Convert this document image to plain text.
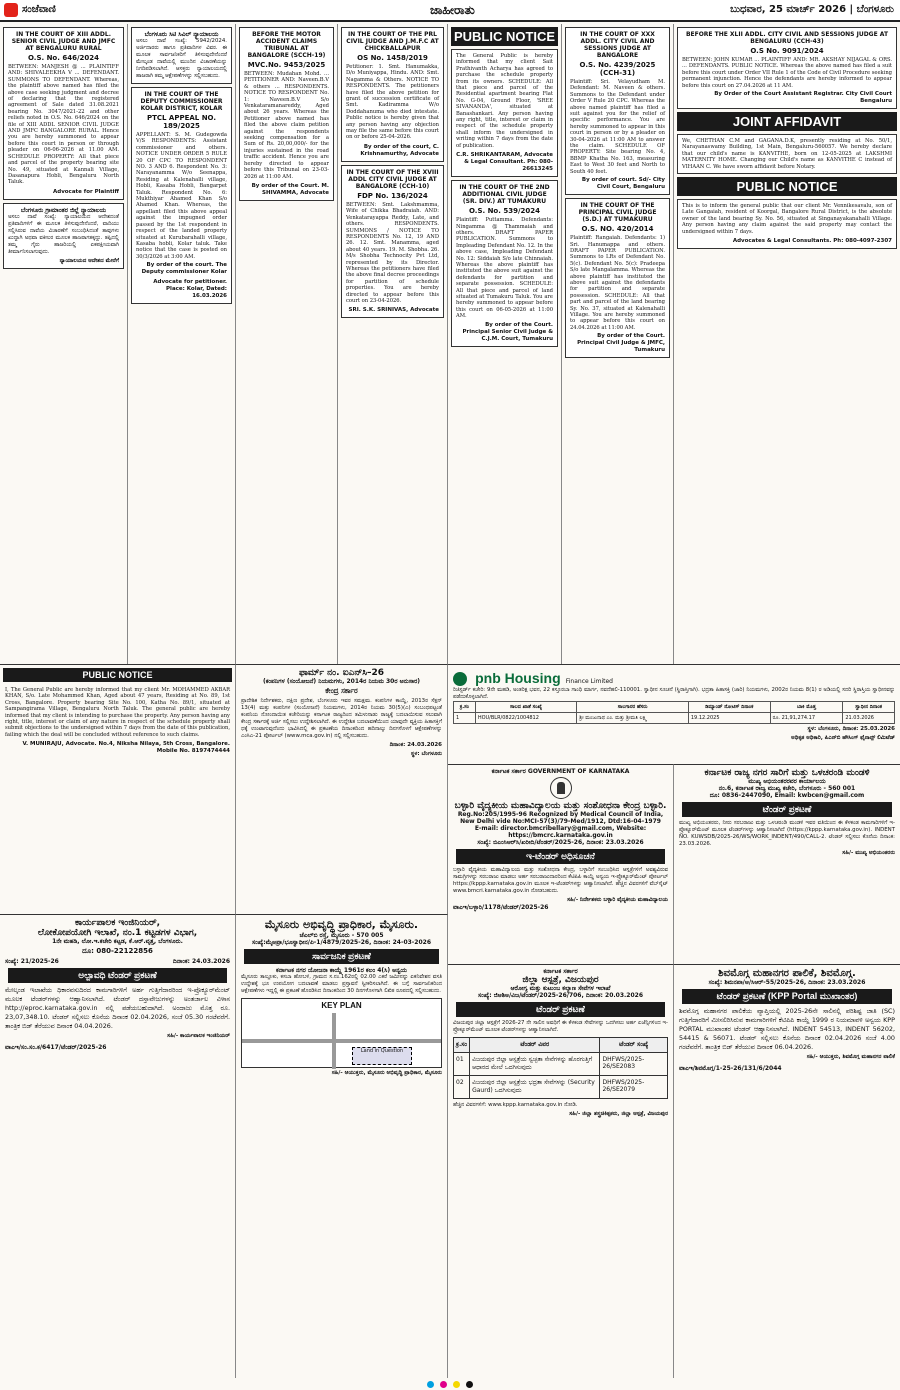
ಸಂಜೆವಾಣಿ	ಜಾಹೀರಾತು	ಬುಧವಾರ, 25 ಮಾರ್ಚ್ 2026 | ಬೆಂಗಳೂರು
IN THE COURT OF XIII ADDL. SENIOR CIVIL JUDGE AND JMFC AT BENGALURU RURAL
O.S. No. 646/2024
BETWEEN: MANJESH @ ... PLAINTIFF AND: SHIVALEEKHA V ... DEFENDANT. SUMMONS TO DEFENDANT. Whereas, the plaintiff above named has filed the above case seeking judgment and decree of declaring that the registered agreement of Sale dated 31.08.2021 bearing No. 3047/2021-22 and other reliefs noted in O.S. No. 646/2024 on the file of XIII ADDL SENIOR CIVIL JUDGE AND JMFC BANGALORE RURAL. Hence you are hereby summoned to appear before this court in person or through pleader on 06-06-2026 at 11.00 AM. SCHEDULE PROPERTY: All that piece and parcel of the property bearing site No. 49, situated at Kannali Village, Dasanapura Hobli, Bengaluru North Taluk.
Advocate for Plaintiff
ಬೆಂಗಳೂರು ಗ್ರಾಮಾಂತರ ಜಿಲ್ಲೆ ನ್ಯಾಯಾಲಯ
ಅಸಲು ದಾವೆ ಸಂಖ್ಯೆ: ನ್ಯಾಯಾಲಯದ ಆದೇಶದಂತೆ ಪ್ರತಿವಾದಿಗಳಿಗೆ ಈ ಮೂಲಕ ತಿಳಿಸುವುದೇನೆಂದರೆ, ವಾದಿಯು ಸಲ್ಲಿಸಿರುವ ದಾವೆಯ ವಿಚಾರಣೆಗೆ ಸಂಬಂಧಿಸಿದಂತೆ ತಾವುಗಳು ಖುದ್ದಾಗಿ ಅಥವಾ ವಕೀಲರ ಮೂಲಕ ಹಾಜರಾಗತಕ್ಕದ್ದು. ತಪ್ಪಿದಲ್ಲಿ ತಮ್ಮ ಗೈರು ಹಾಜರಿಯಲ್ಲಿ ಏಕಪಕ್ಷೀಯವಾಗಿ ತೀರ್ಮಾನಿಸಲಾಗುವುದು.
ನ್ಯಾಯಾಲಯದ ಆದೇಶದ ಮೇರೆಗೆ
ಬೆಂಗಳೂರು ಸಿಟಿ ಸಿವಿಲ್ ನ್ಯಾಯಾಲಯ
ಅಸಲು ದಾವೆ ಸಂಖ್ಯೆ: 5942/2024. ಅರ್ಜಿದಾರರು ಹಾಗೂ ಪ್ರತಿವಾದಿಗಳ ವಿವರ. ಈ ಮೂಲಕ ಸಾರ್ವಜನಿಕರಿಗೆ ತಿಳಿಸುವುದೇನೆಂದರೆ ಮೇಲ್ಕಂಡ ದಾವೆಯಲ್ಲಿ ಮುಂದಿನ ವಿಚಾರಣೆಯನ್ನು ನಿಗದಿಪಡಿಸಲಾಗಿದೆ. ಆಸಕ್ತರು ನ್ಯಾಯಾಲಯದಲ್ಲಿ ಹಾಜರಾಗಿ ತಮ್ಮ ಆಕ್ಷೇಪಣೆಗಳನ್ನು ಸಲ್ಲಿಸಬಹುದು.
IN THE COURT OF THE DEPUTY COMMISSIONER KOLAR DISTRICT, KOLAR
PTCL APPEAL NO. 189/2025
APPELLANT: S. M. Gudegowda V/S RESPONDENTS: Assistant commissioner and others. NOTICE UNDER ORDER 5 RULE 20 OF CPC TO RESPONDENT NO. 3 AND 6. Respondent No. 3: Narayanamma W/o Seenappa, Residing at Kalenahalli village, Hobli, Kasaba Hobli, Bangarpet Taluk. Respondent No. 6: Mukthiyar Ahamed Khan S/o Ahamed Khan. Whereas, the appellant filed this above appeal against the impugned order passed by the 1st respondent in respect of the landed property situated at Kurubarahalli village, Kasaba hobli, Kolar taluk. Take notice that the case is posted on 30/3/2026 at 3:00 AM.
By order of the court. The Deputy commissioner Kolar
Advocate for petitioner. Place: Kolar, Dated: 16.03.2026
BEFORE THE MOTOR ACCIDENT CLAIMS TRIBUNAL AT BANGALORE (SCCH-19)
MVC.No. 9453/2025
BETWEEN: Mudahan Mohd. ... PETITIONER AND: Naveen.B.V & others ... RESPONDENTS. NOTICE TO RESPONDENT No. 1: Naveen.B.V S/o Venkataramanareddy, Aged about 26 years. Whereas the Petitioner above named has filed the above claim petition against the respondents seeking compensation for a Sum of Rs. 20,00,000/- for the injuries sustained in the road traffic accident. Hence you are hereby directed to appear before this Tribunal on 23-03-2026 at 11:00 AM.
By order of the Court. M. SHIVAMMA, Advocate
IN THE COURT OF THE PRL CIVIL JUDGE AND J.M.F.C AT CHICKBALLAPUR
OS No. 1458/2019
Petitioner: 1. Smt. Hanumakka, D/o Muniyappa, Hindu. AND: Smt. Nagamma & Others. NOTICE TO RESPONDENTS. The petitioners have filed the above petition for grant of succession certificate of Smt. Kadiramma W/o Doddahanuma who died intestate. Public notice is hereby given that any person having any objection may file the same before this court on or before 25-04-2026.
By order of the court, C. Krishnamurthy, Advocate
IN THE COURT OF THE XVIII ADDL CITY CIVIL JUDGE AT BANGALORE (CCH-10)
FDP No. 136/2024
BETWEEN: Smt. Lakshmamma, Wife of Chikka Bhadraiah. AND: Venkatarayappa Reddy, Late, and others. RESPONDENTS. SUMMONS / NOTICE TO RESPONDENTS No. 12, 19 AND 26. 12. Smt. Manamma, aged about 40 years. 19. M. Shobha. 26. M/s Shobha Technocity Pvt Ltd, represented by its Director. Whereas the petitioners have filed the above final decree proceedings for partition of schedule properties. You are hereby directed to appear before this court on 23-04-2026.
SRI. S.K. SRINIVAS, Advocate
PUBLIC NOTICE
The General Public is hereby informed that my client Sait Prathivanth Acharya has agreed to purchase the schedule property from its owners. SCHEDULE: All that piece and parcel of the Residential apartment bearing Flat No. G-04, Ground Floor, 'SREE SIVANANDA', situated at Banashankari. Any person having any right, title, interest or claim in respect of the schedule property shall inform the undersigned in writing within 7 days from the date of publication.
C.R. SHRIKANTARAM, Advocate & Legal Consultant. Ph: 080-26613245
IN THE COURT OF THE 2ND ADDITIONAL CIVIL JUDGE (SR. DIV.) AT TUMAKURU
O.S. No. 539/2024
Plaintiff: Puttamma. Defendants: Ningamma @ Thammaiah and others. DRAFT PAPER PUBLICATION. Summons to Impleading Defendant No. 12. In the above case, Impleading Defendant No. 12: Siddaiah S/o late Chinnaiah. Whereas the above plaintiff has instituted the above suit against the defendants for partition and separate possession. SCHEDULE: All that piece and parcel of land situated at Tumakuru Taluk. You are hereby summoned to appear before this court on 06-05-2026 at 11:00 AM.
By order of the Court. Principal Senior Civil Judge & C.J.M. Court, Tumakuru
IN THE COURT OF XXX ADDL. CITY CIVIL AND SESSIONS JUDGE AT BANGALORE
O.S. No. 4239/2025 (CCH-31)
Plaintiff: Sri. Velayudham M. Defendant: M. Naveen & others. Summons to the Defendant under Order V Rule 20 CPC. Whereas the above named plaintiff has filed a suit against you for the relief of specific performance. You are hereby summoned to appear in this court in person or by a pleader on 30-04-2026 at 11:00 AM to answer the claim. SCHEDULE OF PROPERTY: Site bearing No. 4, BBMP Khatha No. 163, measuring East to West 30 feet and North to South 40 feet.
By order of court. Sd/- City Civil Court, Bengaluru
IN THE COURT OF THE PRINCIPAL CIVIL JUDGE (S.D.) AT TUMAKURU
O.S. NO. 420/2014
Plaintiff: Rangaiah. Defendants: 1) Sri. Hanumappa and others. DRAFT PAPER PUBLICATION. Summons to LRs of Defendant No. 5(c). Defendant No. 5(c): Pradeepa S/o late Mangalamma. Whereas the above plaintiff has instituted the above suit against the defendants for partition and separate possession. SCHEDULE: All that part and parcel of the land bearing Sy. No. 37, situated at Kalenahalli Village. You are hereby summoned to appear before this court on 24.04.2026 at 11:00 AM.
By order of the Court. Principal Civil Judge & JMFC, Tumakuru
BEFORE THE XLII ADDL. CITY CIVIL AND SESSIONS JUDGE AT BENGALURU (CCH-43)
O.S No. 9091/2024
BETWEEN: JOHN KUMAR ... PLAINTIFF AND: MR. AKSHAY NIJAGAL & ORS. ... DEFENDANTS. PUBLIC NOTICE. Whereas the above named has filed a suit before this court under Order VII Rule 1 of the Code of Civil Procedure seeking permanent injunction. Hence the defendants are hereby informed to appear before this court on 27.04.2026 at 11 AM.
By Order of the Court Assistant Registrar. City Civil Court Bengaluru
JOINT AFFIDAVIT
We, CHETHAN C.M and GAGANA.D.K, presently residing at No. 50/1, Narayanaswamy Building, 1st Main, Bengaluru-560057. We hereby declare that our child's name is KANVITHE, born on 12-05-2025 at LAKSHMI MATERNITY HOME. Changing our Child's name as KANVITHE C instead of VIHAAN C. We have sworn affidavit before Notary.
PUBLIC NOTICE
This is to inform the general public that our client Mr. Vennikesavalu, son of Late Gangaiah, resident of Koorgal, Bangalore Rural District, is the absolute owner of the land bearing Sy. No. 56, situated at Singanayakanahalli Village. Any person having any claim against the said property may contact the undersigned within 7 days.
Advocates & Legal Consultants. Ph: 080-4097-2307
pnb Housing Finance Limited
ರಿಜಿಸ್ಟರ್ಡ್ ಕಚೇರಿ: 9ನೇ ಮಹಡಿ, ಅಂತರಿಕ್ಷ ಭವನ, 22 ಕಸ್ತೂರಬಾ ಗಾಂಧಿ ಮಾರ್ಗ, ನವದೆಹಲಿ-110001. ಸ್ವಾಧೀನ ಸೂಚನೆ (ಸ್ಥಿರಾಸ್ತಿಗಾಗಿ). ಭದ್ರತಾ ಹಿತಾಸಕ್ತಿ (ಜಾರಿ) ನಿಯಮಗಳು, 2002ರ ನಿಯಮ 8(1) ರ ಅಡಿಯಲ್ಲಿ ಸದರಿ ಸ್ಥಿರಾಸ್ತಿಯ ಸ್ವಾಧೀನವನ್ನು ಪಡೆದುಕೊಳ್ಳಲಾಗಿದೆ.
ಕ್ರ.ಸಂ	ಸಾಲದ ಖಾತೆ ಸಂಖ್ಯೆ	ಸಾಲಗಾರರ ಹೆಸರು	ಡಿಮ್ಯಾಂಡ್ ನೋಟಿಸ್ ದಿನಾಂಕ	ಬಾಕಿ ಮೊತ್ತ	ಸ್ವಾಧೀನ ದಿನಾಂಕ
1	HOU/BLR/0822/1004812	ಶ್ರೀ ಮಂಜುನಾಥ ಎಂ. ಮತ್ತು ಶ್ರೀಮತಿ ಲಕ್ಷ್ಮಿ	19.12.2025	ರೂ. 21,91,274.17	21.03.2026
ಸ್ಥಳ: ಬೆಂಗಳೂರು, ದಿನಾಂಕ: 25.03.2026
ಅಧಿಕೃತ ಅಧಿಕಾರಿ, ಪಿಎನ್‌ಬಿ ಹೌಸಿಂಗ್ ಫೈನಾನ್ಸ್ ಲಿಮಿಟೆಡ್
PUBLIC NOTICE
I, The General Public are hereby informed that my client Mr. MOHAMMED AKBAR KHAN, S/o. Late Mohammed Khan, Aged about 47 years, Residing at No. 89, 1st Cross, Bangalore. Property bearing Site No. 100, Katha No. 89/1, situated at Sampangirama Village, Bengaluru North Taluk. The general public are hereby informed that my client is intending to purchase the property. Any person having any right, title, interest or claim of any nature in respect of the schedule property shall submit objections to the undersigned within 7 days from the date of this publication, failing which the deal will be concluded without reference to such claims.
V. MUNIRAJU, Advocate. No.4, Niksha Nilaya, 5th Cross, Bangalore. Mobile No. 8197474444
ಫಾರ್ಮ್ ನಂ. ಐಎನ್‌ಸಿ–26
(ಕಂಪನಿಗಳ (ಸಂಯೋಜನೆ) ನಿಯಮಗಳು, 2014ರ ನಿಯಮ 30ರ ಅನುಸಾರ)
ಕೇಂದ್ರ ಸರ್ಕಾರ
ಪ್ರಾದೇಶಿಕ ನಿರ್ದೇಶಕರು, ದಕ್ಷಿಣ ಪ್ರದೇಶ, ಬೆಂಗಳೂರು ಇವರ ಸಮಕ್ಷಮ. ಕಂಪನಿಗಳ ಕಾಯ್ದೆ, 2013ರ ಸೆಕ್ಷನ್ 13(4) ಮತ್ತು ಕಂಪನಿಗಳ (ಸಂಯೋಜನೆ) ನಿಯಮಗಳು, 2014ರ ನಿಯಮ 30(5)(ಎ) ಸಂಬಂಧಪಟ್ಟಂತೆ ಕಂಪನಿಯ ನೋಂದಾಯಿತ ಕಚೇರಿಯನ್ನು ಕರ್ನಾಟಕ ರಾಜ್ಯದಿಂದ ತಮಿಳುನಾಡು ರಾಜ್ಯಕ್ಕೆ ಬದಲಾಯಿಸುವ ಸಲುವಾಗಿ ಕೇಂದ್ರ ಸರ್ಕಾರಕ್ಕೆ ಅರ್ಜಿ ಸಲ್ಲಿಸಲು ಉದ್ದೇಶಿಸಲಾಗಿದೆ. ಈ ಉದ್ದೇಶಿತ ಬದಲಾವಣೆಯಿಂದ ಯಾವುದೇ ವ್ಯಕ್ತಿಯ ಹಿತಾಸಕ್ತಿಗೆ ಧಕ್ಕೆ ಉಂಟಾಗುವುದೆಂದು ಭಾವಿಸಿದಲ್ಲಿ ಈ ಪ್ರಕಟಣೆಯ ದಿನಾಂಕದಿಂದ ಹದಿನಾಲ್ಕು ದಿನಗಳೊಳಗೆ ಆಕ್ಷೇಪಣೆಗಳನ್ನು ಎಂಸಿಎ-21 ಪೋರ್ಟಲ್ (www.mca.gov.in) ನಲ್ಲಿ ಸಲ್ಲಿಸಬಹುದು.
ದಿನಾಂಕ: 24.03.2026
ಸ್ಥಳ: ಬೆಂಗಳೂರು
ಕರ್ನಾಟಕ ಸರ್ಕಾರ GOVERNMENT OF KARNATAKA
ಬಳ್ಳಾರಿ ವೈದ್ಯಕೀಯ ಮಹಾವಿದ್ಯಾಲಯ ಮತ್ತು ಸಂಶೋಧನಾ ಕೇಂದ್ರ ಬಳ್ಳಾರಿ.
Reg.No:205/1995-96 Recognized by Medical Council of India, New Delhi vide No:MCI-57(3)/79-Med/1912, Dtd:16-04-1979
E-mail: director.bmcribellary@gmail.com, Website: https://bmcrc.karnataka.gov.in
ಸಂಖ್ಯೆ: ಬಿಎಂಸಿಆರ್‌ಸಿ/ಖರೀದಿ/ಟೆಂಡರ್/2025-26, ದಿನಾಂಕ: 23.03.2026
ಇ-ಟೆಂಡರ್ ಅಧಿಸೂಚನೆ
ಬಳ್ಳಾರಿ ವೈದ್ಯಕೀಯ ಮಹಾವಿದ್ಯಾಲಯ ಮತ್ತು ಸಂಶೋಧನಾ ಕೇಂದ್ರ, ಬಳ್ಳಾರಿಗೆ ಸಂಬಂಧಿಸಿದ ಆಸ್ಪತ್ರೆಗಳಿಗೆ ಅವಶ್ಯವಿರುವ ಸಾಮಗ್ರಿಗಳನ್ನು ಸರಬರಾಜು ಮಾಡಲು ಅರ್ಹ ಸರಬರಾಜುದಾರರಿಂದ ಕೆಟಿಪಿಪಿ ಕಾಯ್ದೆ ಅನ್ವಯ ಇ-ಪ್ರೊಕ್ಯೂರ್‌ಮೆಂಟ್ ಪೋರ್ಟಲ್ https://kppp.karnataka.gov.in ಮೂಲಕ ಇ-ಟೆಂಡರ್‌ಗಳನ್ನು ಆಹ್ವಾನಿಸಲಾಗಿದೆ. ಹೆಚ್ಚಿನ ವಿವರಗಳಿಗೆ ವೆಬ್‌ಸೈಟ್ www.bmcri.karnataka.gov.in ನೋಡಬಹುದು.
ಸಹಿ/- ನಿರ್ದೇಶಕರು ಬಳ್ಳಾರಿ ವೈದ್ಯಕೀಯ ಮಹಾವಿದ್ಯಾಲಯ
ವಾಎಇ/ಬಳ್ಳಾರಿ/1178/ಟೆಂಡರ್/2025-26
ಕರ್ನಾಟಕ ರಾಜ್ಯ ನಗರ ಸಾರಿಗೆ ಮತ್ತು ಒಳಚರಂಡಿ ಮಂಡಳಿ
ಮುಖ್ಯ ಅಭಿಯಂತರರವರ ಕಾರ್ಯಾಲಯ
ನಂ.6, ಕರ್ನಾಟಕ ರಾಜ್ಯ ಮುಖ್ಯ ಕಚೇರಿ, ಬೆಂಗಳೂರು - 560 001
ದೂ: 0836-2447090, Email: kwbcen@gmail.com
ಟೆಂಡರ್ ಪ್ರಕಟಣೆ
ಮುಖ್ಯ ಅಭಿಯಂತರರು, ನೀರು ಸರಬರಾಜು ಮತ್ತು ಒಳಚರಂಡಿ ಮಂಡಳಿ ಇವರ ವತಿಯಿಂದ ಈ ಕೆಳಕಂಡ ಕಾಮಗಾರಿಗಳಿಗೆ ಇ-ಪ್ರೊಕ್ಯೂರ್‌ಮೆಂಟ್ ಮೂಲಕ ಟೆಂಡರ್‌ಗಳನ್ನು ಆಹ್ವಾನಿಸಲಾಗಿದೆ (https://kppp.karnataka.gov.in). INDENT NO. KUWSDB/2025-26/WS/WORK_INDENT/490/CALL-2. ಟೆಂಡರ್ ಸಲ್ಲಿಸಲು ಕೊನೆಯ ದಿನಾಂಕ: 23.03.2026.
ಸಹಿ/- ಮುಖ್ಯ ಅಭಿಯಂತರರು
ಕಾರ್ಯಪಾಲಕ ಇಂಜಿನಿಯರ್,
ಲೋಕೋಪಯೋಗಿ ಇಲಾಖೆ, ನಂ.1 ಕಟ್ಟಡಗಳ ವಿಭಾಗ,
1ನೇ ಮಹಡಿ, ಲೋ.ಇ.ಕಚೇರಿ ಕಟ್ಟಡ, ಕೆ.ಆರ್.ವೃತ್ತ, ಬೆಂಗಳೂರು.
ದೂ: 080-22122856
ಸಂಖ್ಯೆ: 21/2025-26	ದಿನಾಂಕ: 24.03.2026
ಅಲ್ಪಾವಧಿ ಟೆಂಡರ್ ಪ್ರಕಟಣೆ
ಮೇಲ್ಕಂಡ ಇಲಾಖೆಯ ಧಿಕಾರವಸುದಿರದ ಕಾಮಗಾರಿಗಳಿಗೆ ಅರ್ಹ ಗುತ್ತಿಗೆದಾರರಿಂದ ಇ-ಪ್ರೊಕ್ಯೂರ್‌ಮೆಂಟ್ ಮೂಲಕ ಟೆಂಡರ್‌ಗಳನ್ನು ಆಹ್ವಾನಿಸಲಾಗಿದೆ. ಟೆಂಡರ್ ದಸ್ತಾವೇಜುಗಳನ್ನು ಅಂತರ್ಜಾಲ ವಿಳಾಸ http://eproc.karnataka.gov.in ನಲ್ಲಿ ಪಡೆಯಬಹುದಾಗಿದೆ. ಅಂದಾಜು ಮೊತ್ತ ರೂ. 23,07,348.10. ಟೆಂಡರ್ ಸಲ್ಲಿಸಲು ಕೊನೆಯ ದಿನಾಂಕ 02.04.2026, ಸಂಜೆ 05.30 ಗಂಟೆವರೆಗೆ. ತಾಂತ್ರಿಕ ಬಿಡ್ ತೆರೆಯುವ ದಿನಾಂಕ 04.04.2026.
ಸಹಿ/- ಕಾರ್ಯಪಾಲಕ ಇಂಜಿನಿಯರ್
ವಾಎಇ/ಸಂ.ಸಂ.ಕ/6417/ಟೆಂಡರ್‌/2025-26
ಮೈಸೂರು ಅಭಿವೃದ್ಧಿ ಪ್ರಾಧಿಕಾರ, ಮೈಸೂರು.
ಜೆಎಲ್‌ಬಿ ರಸ್ತೆ, ಮೈಸೂರು - 570 005
ಸಂಖ್ಯೆ:ಮೈಅಪ್ರಾ/ಭೂಸ್ವಾಧೀನ/ಪಿ-1/4879/2025-26, ದಿನಾಂಕ: 24-03-2026
ಸಾರ್ವಜನಿಕ ಪ್ರಕಟಣೆ
ಕರ್ನಾಟಕ ನಗರ ಯೋಜನಾ ಕಾಯ್ದೆ 1961ರ ಕಲಂ 4(ಸಿ) ಅನ್ವಯ
ಮೈಸೂರು ತಾಲ್ಲೂಕು, ಕಸಬಾ ಹೋಬಳಿ, ಗ್ರಾಮದ ಸ.ನಂ.162ರಲ್ಲಿ 02.00 ಎಕರೆ ಜಮೀನನ್ನು ಏಕನಿವೇಶನ ವಸತಿ ಉದ್ದೇಶಕ್ಕೆ ಭೂ ಉಪಯೋಗ ಬದಲಾವಣೆ ಮಾಡಲು ಪ್ರಸ್ತಾವನೆ ಸ್ವೀಕರಿಸಲಾಗಿದೆ. ಈ ಬಗ್ಗೆ ಸಾರ್ವಜನಿಕರಿಂದ ಆಕ್ಷೇಪಣೆಗಳು ಇದ್ದಲ್ಲಿ ಈ ಪ್ರಕಟಣೆ ಹೊರಡಿಸಿದ ದಿನಾಂಕದಿಂದ 30 ದಿನಗಳೊಳಗಾಗಿ ಲಿಖಿತ ರೂಪದಲ್ಲಿ ಸಲ್ಲಿಸಬಹುದು.
KEY PLAN
Land in Question
ಸಹಿ/- ಆಯುಕ್ತರು, ಮೈಸೂರು ಅಭಿವೃದ್ಧಿ ಪ್ರಾಧಿಕಾರ, ಮೈಸೂರು
ಕರ್ನಾಟಕ ಸರ್ಕಾರ
ಜಿಲ್ಲಾ ಆಸ್ಪತ್ರೆ, ವಿಜಯಪುರ
ಆರೋಗ್ಯ ಮತ್ತು ಕುಟುಂಬ ಕಲ್ಯಾಣ ಸೇವೆಗಳ ಇಲಾಖೆ
ಸಂಖ್ಯೆ: ಜಿಆಶಿಅ/ವಿಜ/ಟೆಂಡರ್/2025-26/706, ದಿನಾಂಕ: 20.03.2026
ಟೆಂಡರ್ ಪ್ರಕಟಣೆ
ವಿಜಯಪುರ ಜಿಲ್ಲಾ ಆಸ್ಪತ್ರೆಗೆ 2026-27 ನೇ ಸಾಲಿನ ಅವಧಿಗೆ ಈ ಕೆಳಕಂಡ ಸೇವೆಗಳನ್ನು ಒದಗಿಸಲು ಅರ್ಹ ಏಜೆನ್ಸಿಗಳಿಂದ ಇ-ಪ್ರೊಕ್ಯೂರ್‌ಮೆಂಟ್ ಮೂಲಕ ಟೆಂಡರ್‌ಗಳನ್ನು ಆಹ್ವಾನಿಸಲಾಗಿದೆ.
ಕ್ರ.ಸಂ	ಟೆಂಡರ್ ವಿವರ	ಟೆಂಡರ್ ಸಂಖ್ಯೆ
01	ವಿಜಯಪುರ ಜಿಲ್ಲಾ ಆಸ್ಪತ್ರೆಯ ಸ್ವಚ್ಛತಾ ಸೇವೆಗಳನ್ನು ಹೊರಗುತ್ತಿಗೆ ಆಧಾರದ ಮೇಲೆ ಒದಗಿಸುವುದು	DHFWS/2025-26/SE2083
02	ವಿಜಯಪುರ ಜಿಲ್ಲಾ ಆಸ್ಪತ್ರೆಯ ಭದ್ರತಾ ಸೇವೆಗಳನ್ನು (Security Gaurd) ಒದಗಿಸುವುದು	DHFWS/2025-26/SE2079
ಹೆಚ್ಚಿನ ವಿವರಗಳಿಗೆ: www.kppp.karnataka.gov.in ನೋಡಿ.
ಸಹಿ/- ಜಿಲ್ಲಾ ಶಸ್ತ್ರಚಿಕಿತ್ಸಕರು, ಜಿಲ್ಲಾ ಆಸ್ಪತ್ರೆ, ವಿಜಯಪುರ
ಶಿವಮೊಗ್ಗ ಮಹಾನಗರ ಪಾಲಿಕೆ, ಶಿವಮೊಗ್ಗ.
ಸಂಖ್ಯೆ: ಶಿಮನಪಾ/ಆ/ಸಿಆರ್-55/2025-26, ದಿನಾಂಕ: 23.03.2026
ಟೆಂಡರ್ ಪ್ರಕಟಣೆ (KPP Portal ಮುಖಾಂತರ)
ಶಿವಮೊಗ್ಗ ಮಹಾನಗರ ಪಾಲಿಕೆಯ ವ್ಯಾಪ್ತಿಯಲ್ಲಿ 2025-26ನೇ ಸಾಲಿನಲ್ಲಿ ಪರಿಶಿಷ್ಟ ಜಾತಿ (SC) ಗುತ್ತಿಗೆದಾರರಿಗೆ ಮೀಸಲಿರಿಸಿರುವ ಕಾಮಗಾರಿಗಳಿಗೆ ಕೆಟಿಪಿಪಿ ಕಾಯ್ದೆ 1999 ರ ನಿಯಮಾವಳಿ ಅನ್ವಯ KPP PORTAL ಮುಖಾಂತರ ಟೆಂಡರ್ ಆಹ್ವಾನಿಸಲಾಗಿದೆ. INDENT 54513, INDENT 56202, 54415 & 56071. ಟೆಂಡರ್ ಸಲ್ಲಿಸಲು ಕೊನೆಯ ದಿನಾಂಕ 02.04.2026 ಸಂಜೆ 4.00 ಗಂಟೆವರೆಗೆ. ತಾಂತ್ರಿಕ ಬಿಡ್ ತೆರೆಯುವ ದಿನಾಂಕ 06.04.2026.
ಸಹಿ/- ಆಯುಕ್ತರು, ಶಿವಮೊಗ್ಗ ಮಹಾನಗರ ಪಾಲಿಕೆ
ವಾಎಇ/ಶಿವಮೊಗ್ಗ/1-25-26/131/6/2044
